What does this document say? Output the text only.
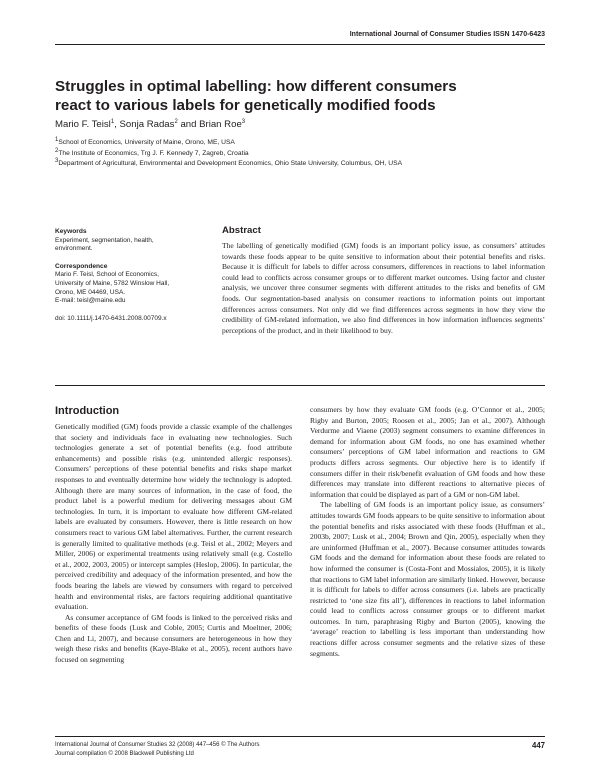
International Journal of Consumer Studies ISSN 1470-6423
Struggles in optimal labelling: how different consumers
react to various labels for genetically modified foods
Mario F. Teisl$^1$, Sonja Radas$^2$ and Brian Roe$^3$
$^1$School of Economics, University of Maine, Orono, ME, USA
$^2$The Institute of Economics, Trg J. F. Kennedy 7, Zagreb, Croatia
$^3$Department of Agricultural, Environmental and Development Economics, Ohio State University, Columbus, OH, USA
Keywords
Experiment, segmentation, health,
environment.
Correspondence
Mario F. Teisl, School of Economics,
University of Maine, 5782 Winslow Hall,
Orono, ME 04469, USA.
E-mail: teisl@maine.edu
doi: 10.1111/j.1470-6431.2008.00709.x
Abstract

The labelling of genetically modified (GM) foods is an important policy issue, as consumers’ attitudes towards these foods appear to be quite sensitive to information about their potential benefits and risks. Because it is difficult for labels to differ across consumers, differences in reactions to label information could lead to conflicts across consumer groups or to different market outcomes. Using factor and cluster analysis, we uncover three consumer segments with different attitudes to the risks and benefits of GM foods. Our segmentation-based analysis on consumer reactions to information points out important differences across consumers. Not only did we find differences across segments in how they view the credibility of GM-related information, we also find differences in how information influences segments’ perceptions of the product, and in their likelihood to buy.

Introduction

Genetically modified (GM) foods provide a classic example of the challenges that society and individuals face in evaluating new technologies. Such technologies generate a set of potential benefits (e.g. food attribute enhancements) and possible risks (e.g. unintended allergic responses). Consumers’ perceptions of these potential benefits and risks shape market responses to and eventually determine how widely the technology is adopted. Although there are many sources of information, in the case of food, the product label is a powerful medium for delivering messages about GM technologies. In turn, it is important to evaluate how different GM-related labels are evaluated by consumers. However, there is little research on how consumers react to various GM label alternatives. Further, the current research is generally limited to qualitative methods (e.g. Teisl et al., 2002; Meyers and Miller, 2006) or experimental treatments using relatively small (e.g. Costello et al., 2002, 2003, 2005) or intercept samples (Heslop, 2006). In particular, the perceived credibility and adequacy of the information presented, and how the foods bearing the labels are viewed by consumers with regard to perceived health and environmental risks, are factors requiring additional quantitative evaluation.

As consumer acceptance of GM foods is linked to the perceived risks and benefits of these foods (Lusk and Coble, 2005; Curtis and Moeltner, 2006; Chen and Li, 2007), and because consumers are heterogeneous in how they weigh these risks and benefits (Kaye-Blake et al., 2005), recent authors have focused on segmenting

consumers by how they evaluate GM foods (e.g. O’Connor et al., 2005; Rigby and Burton, 2005; Roosen et al., 2005; Jan et al., 2007). Although Verdurme and Viaene (2003) segment consumers to examine differences in demand for information about GM foods, no one has examined whether consumers’ perceptions of GM label information and reactions to GM products differs across segments. Our objective here is to identify if consumers differ in their risk/benefit evaluation of GM foods and how these differences may translate into different reactions to alternative pieces of information that could be displayed as part of a GM or non-GM label.

The labelling of GM foods is an important policy issue, as consumers’ attitudes towards GM foods appears to be quite sensitive to information about the potential benefits and risks associated with these foods (Huffman et al., 2003b, 2007; Lusk et al., 2004; Brown and Qin, 2005), especially when they are uninformed (Huffman et al., 2007). Because consumer attitudes towards GM foods and the demand for information about these foods are related to how informed the consumer is (Costa-Font and Mossialos, 2005), it is likely that reactions to GM label information are similarly linked. However, because it is difficult for labels to differ across consumers (i.e. labels are practically restricted to ‘one size fits all’), differences in reactions to label information could lead to conflicts across consumer groups or to different market outcomes. In turn, paraphrasing Rigby and Burton (2005), knowing the ‘average’ reaction to labelling is less important than understanding how reactions differ across consumer segments and the relative sizes of these segments.

International Journal of Consumer Studies 32 (2008) 447–456 © The Authors
Journal compilation © 2008 Blackwell Publishing Ltd
447
